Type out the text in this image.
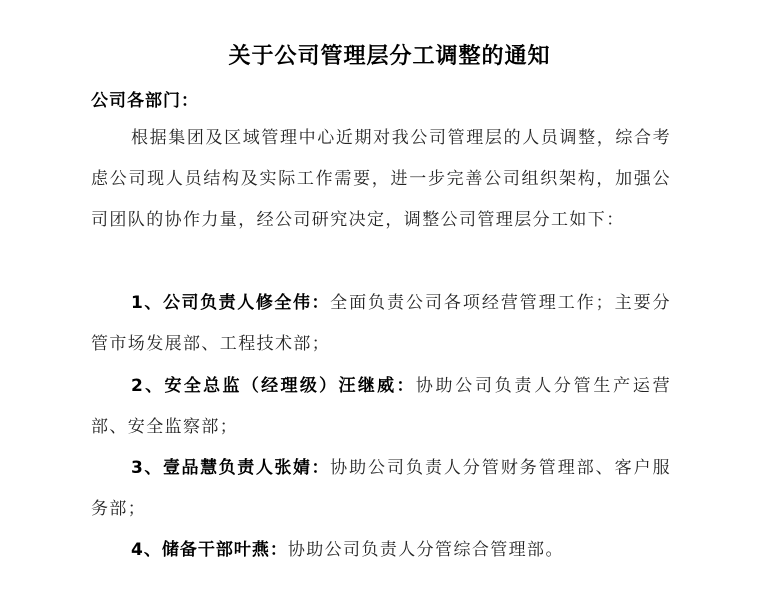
关于公司管理层分工调整的通知
公司各部门：

根据集团及区域管理中心近期对我公司管理层的人员调整，综合考虑公司现人员结构及实际工作需要，进一步完善公司组织架构，加强公司团队的协作力量，经公司研究决定，调整公司管理层分工如下：

1、公司负责人修全伟：全面负责公司各项经营管理工作；主要分管市场发展部、工程技术部；

2、安全总监（经理级）汪继威：协助公司负责人分管生产运营部、安全监察部；

3、壹品慧负责人张婧：协助公司负责人分管财务管理部、客户服务部；

4、储备干部叶燕：协助公司负责人分管综合管理部。
